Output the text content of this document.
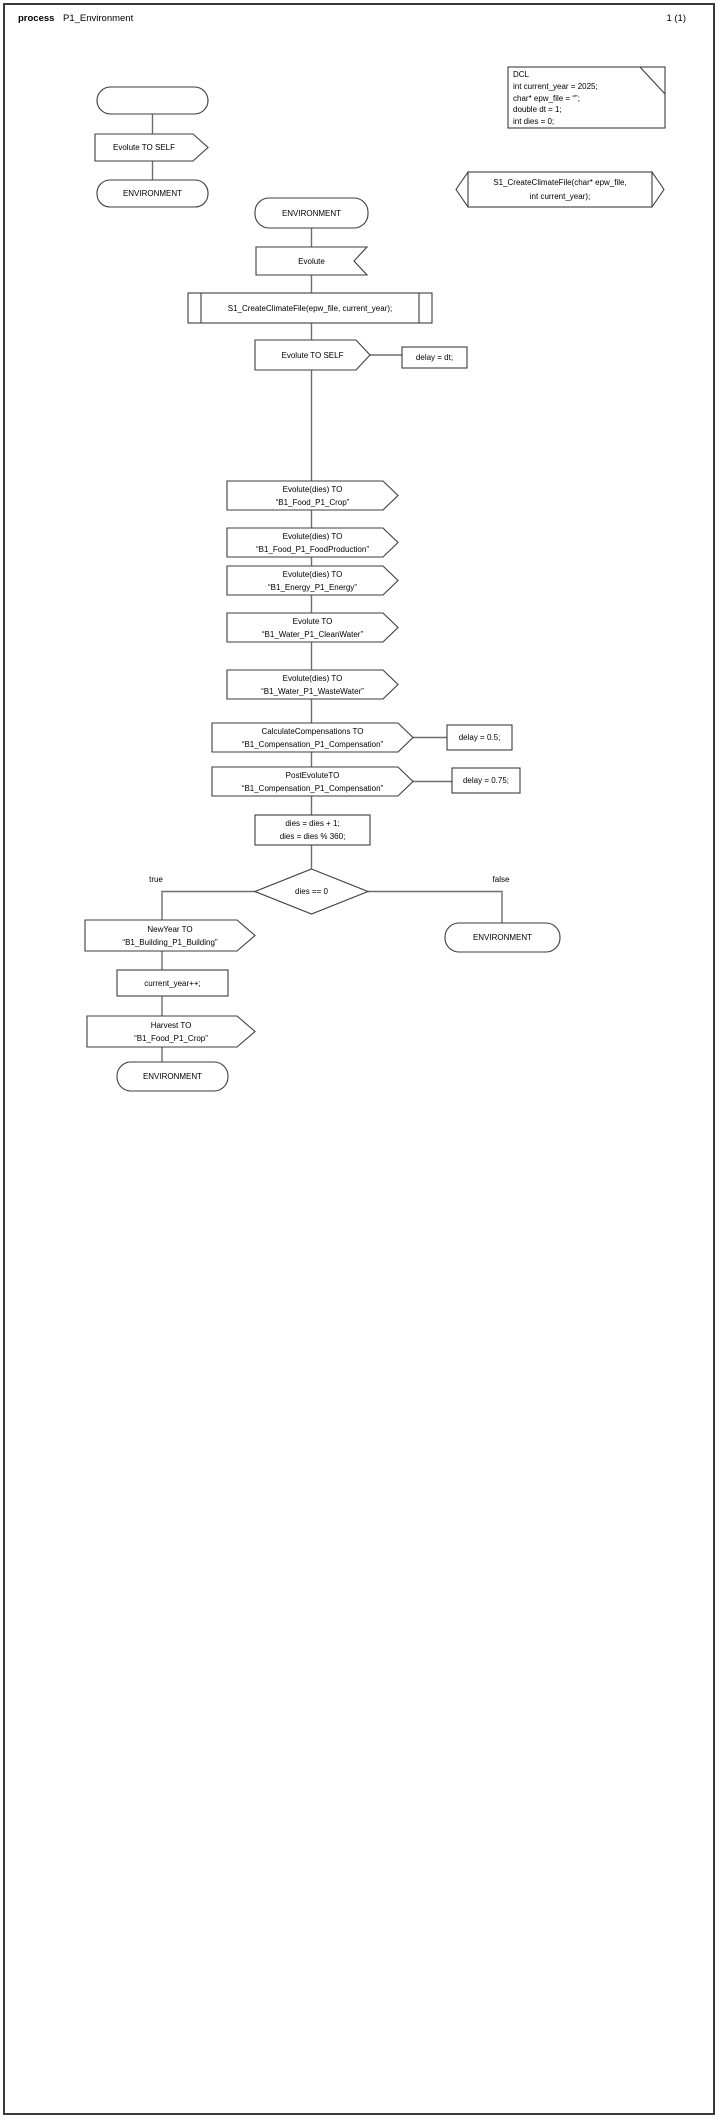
process P1_Environment	1 (1)
Evolute TO SELF
ENVIRONMENT
DCL
int current_year = 2025;
char* epw_file = “”;
double dt = 1;
int dies = 0;
S1_CreateClimateFile(char* epw_file,
int current_year);
ENVIRONMENT
Evolute
S1_CreateClimateFile(epw_file, current_year);
Evolute TO SELF	delay = dt;
Evolute(dies) TO
“B1_Food_P1_Crop”
Evolute(dies) TO
“B1_Food_P1_FoodProduction”
Evolute(dies) TO
“B1_Energy_P1_Energy”
Evolute TO
“B1_Water_P1_CleanWater”
Evolute(dies) TO
“B1_Water_P1_WasteWater”
CalculateCompensations TO
“B1_Compensation_P1_Compensation”
delay = 0.5;
PostEvoluteTO
“B1_Compensation_P1_Compensation”
delay = 0.75;
dies = dies + 1;
dies = dies % 360;
dies == 0
true	false
NewYear TO
“B1_Building_P1_Building”
current_year++;
Harvest TO
“B1_Food_P1_Crop”
ENVIRONMENT
ENVIRONMENT
